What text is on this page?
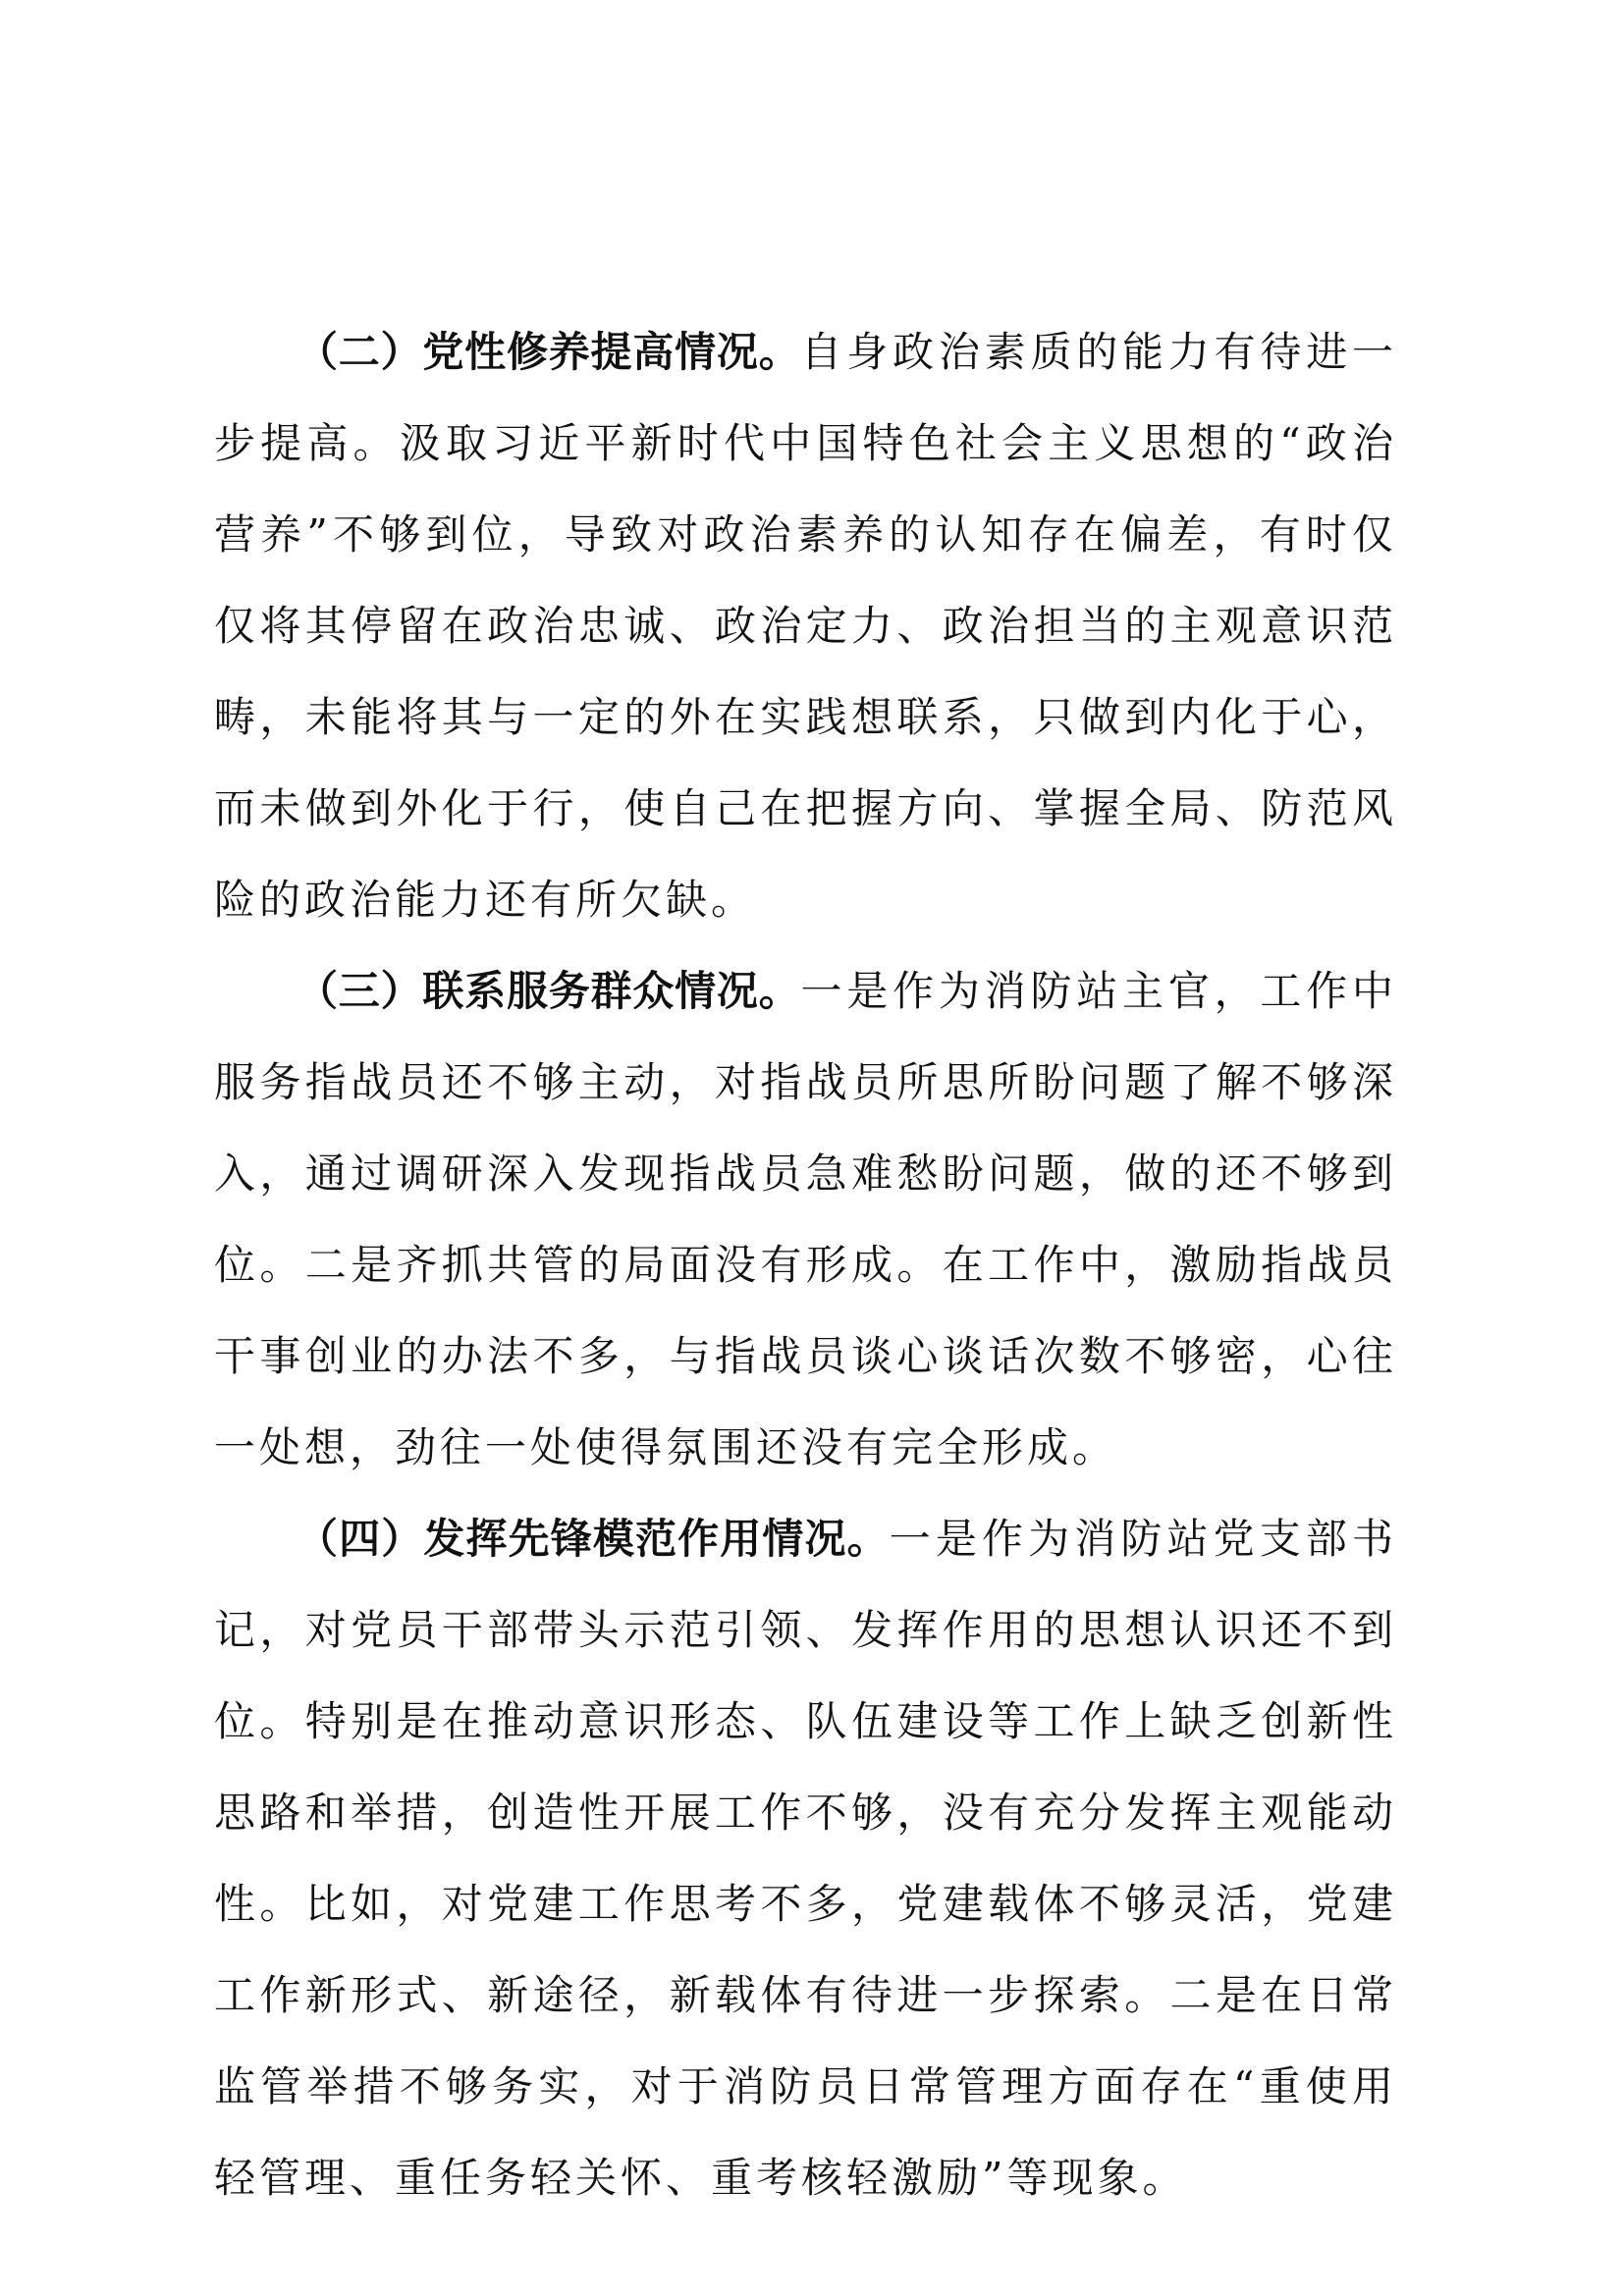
（二）党性修养提高情况。自身政治素质的能力有待进一步提高。汲取习近平新时代中国特色社会主义思想的“政治营养”不够到位，导致对政治素养的认知存在偏差，有时仅仅将其停留在政治忠诚、政治定力、政治担当的主观意识范畴，未能将其与一定的外在实践想联系，只做到内化于心，而未做到外化于行，使自己在把握方向、掌握全局、防范风险的政治能力还有所欠缺。

（三）联系服务群众情况。一是作为消防站主官，工作中服务指战员还不够主动，对指战员所思所盼问题了解不够深入，通过调研深入发现指战员急难愁盼问题，做的还不够到位。二是齐抓共管的局面没有形成。在工作中，激励指战员干事创业的办法不多，与指战员谈心谈话次数不够密，心往一处想，劲往一处使得氛围还没有完全形成。

（四）发挥先锋模范作用情况。一是作为消防站党支部书记，对党员干部带头示范引领、发挥作用的思想认识还不到位。特别是在推动意识形态、队伍建设等工作上缺乏创新性思路和举措，创造性开展工作不够，没有充分发挥主观能动性。比如，对党建工作思考不多，党建载体不够灵活，党建工作新形式、新途径，新载体有待进一步探索。二是在日常监管举措不够务实，对于消防员日常管理方面存在“重使用轻管理、重任务轻关怀、重考核轻激励”等现象。
